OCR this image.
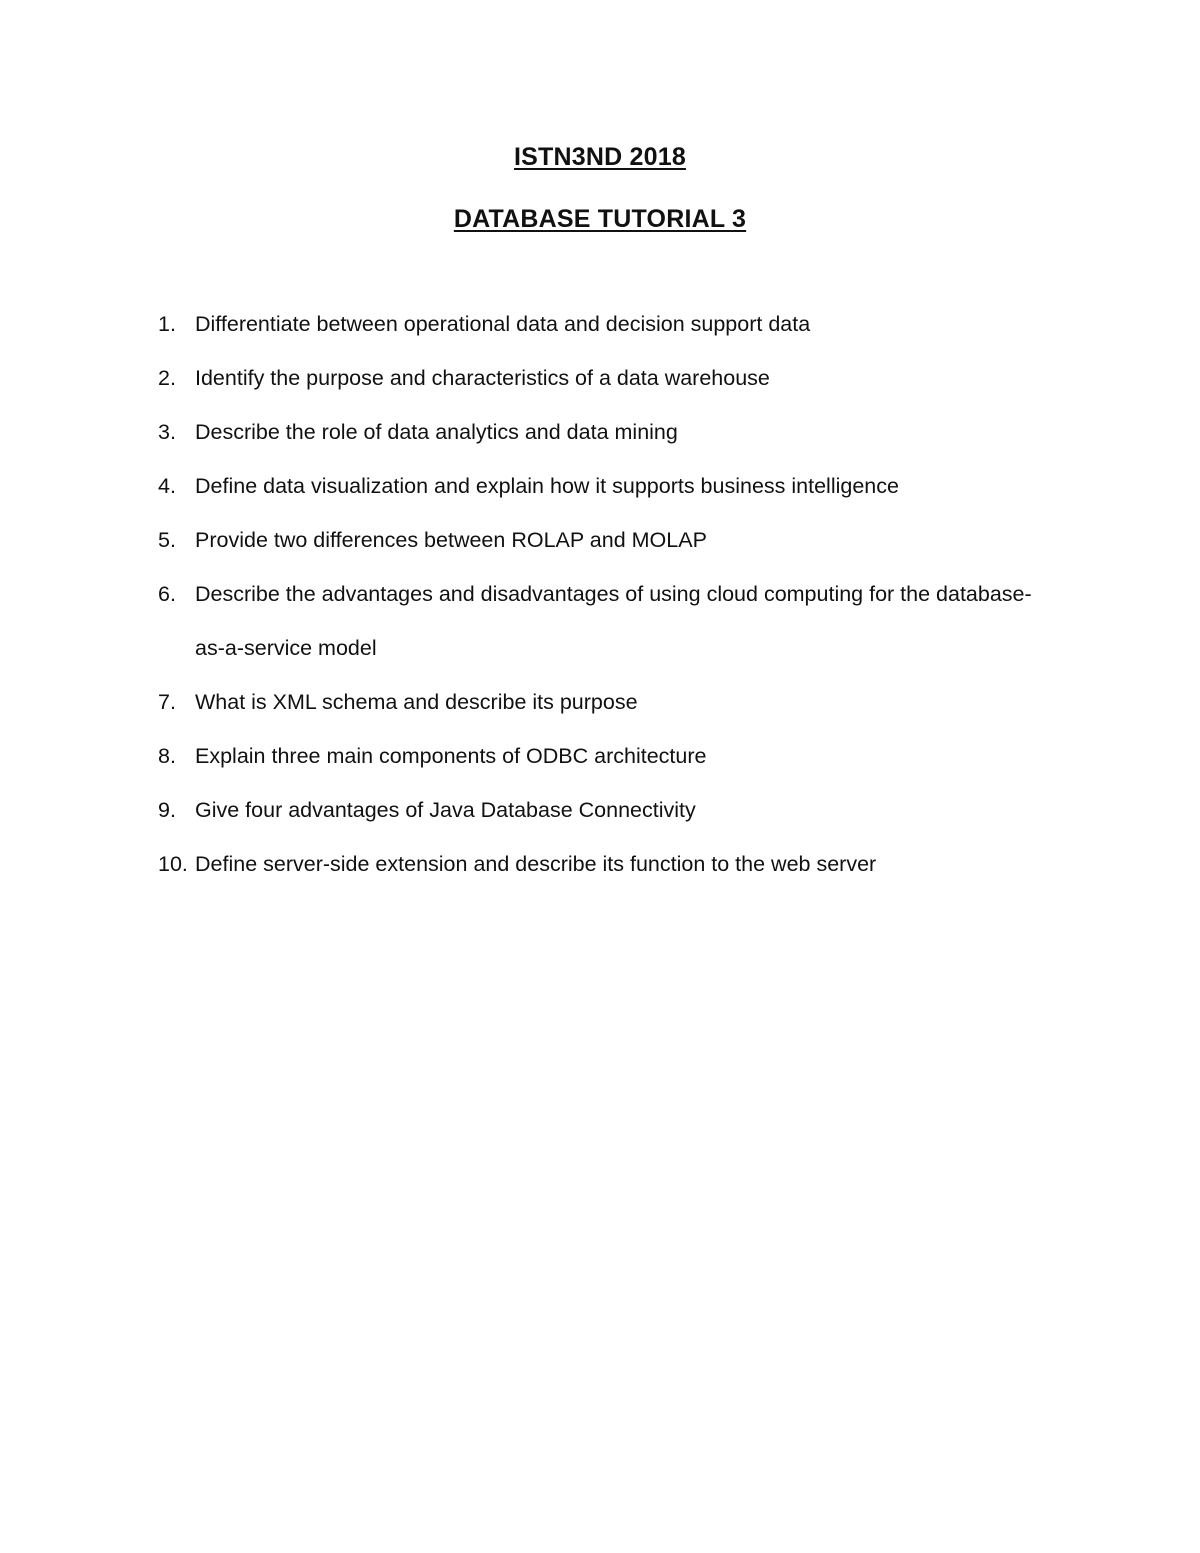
ISTN3ND 2018
DATABASE TUTORIAL 3
1. Differentiate between operational data and decision support data
2. Identify the purpose and characteristics of a data warehouse
3. Describe the role of data analytics and data mining
4. Define data visualization and explain how it supports business intelligence
5. Provide two differences between ROLAP and MOLAP
6. Describe the advantages and disadvantages of using cloud computing for the database-as-a-service model
7. What is XML schema and describe its purpose
8. Explain three main components of ODBC architecture
9. Give four advantages of Java Database Connectivity
10. Define server-side extension and describe its function to the web server
